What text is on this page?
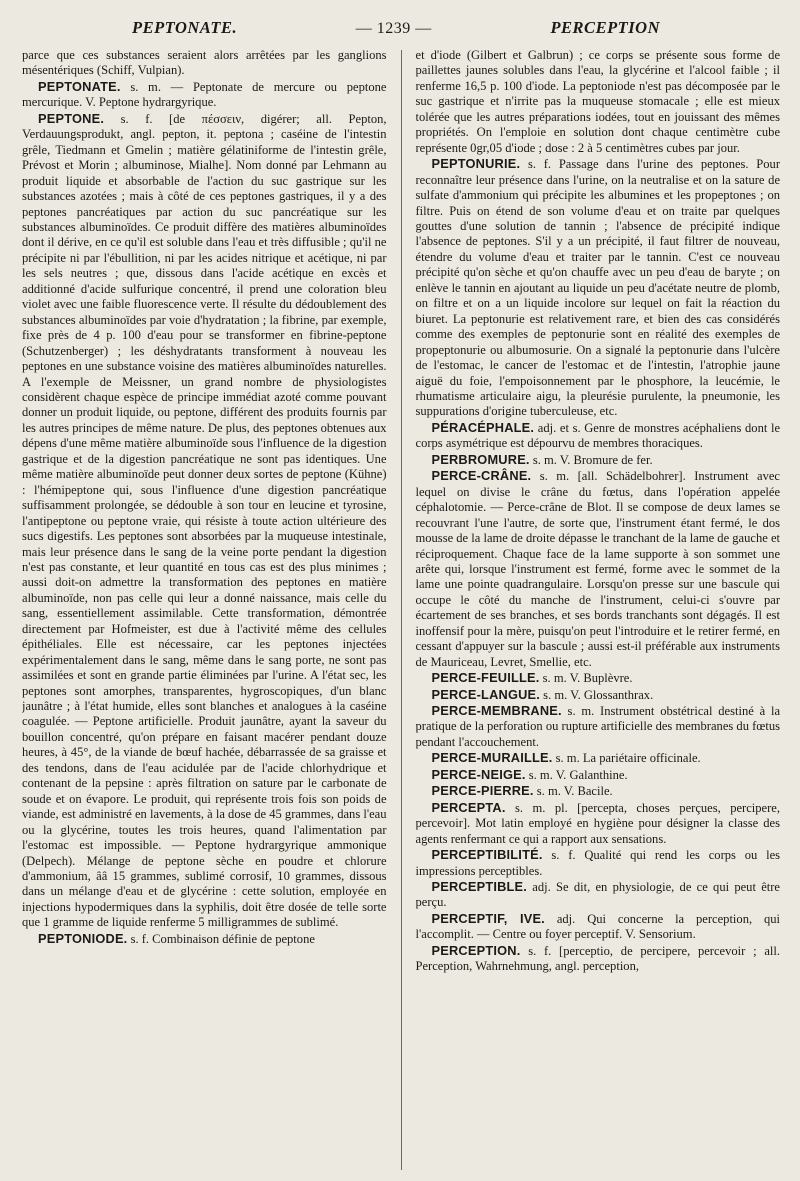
PEPTONATE.	— 1239 —	PERCEPTION

parce que ces substances seraient alors arrêtées par les ganglions mésentériques (Schiff, Vulpian).

PEPTONATE. s. m. — Peptonate de mercure ou peptone mercurique. V. Peptone hydrargyrique.

PEPTONE. s. f. [de πέσσειν, digérer; all. Pepton, Verdauungsprodukt, angl. pepton, it. peptona ; caséine de l'intestin grêle, Tiedmann et Gmelin ; matière gélatiniforme de l'intestin grêle, Prévost et Morin ; albuminose, Mialhe]. Nom donné par Lehmann au produit liquide et absorbable de l'action du suc gastrique sur les substances azotées ; mais à côté de ces peptones gastriques, il y a des peptones pancréatiques par action du suc pancréatique sur les substances albuminoïdes. Ce produit diffère des matières albuminoïdes dont il dérive, en ce qu'il est soluble dans l'eau et très diffusible ; qu'il ne précipite ni par l'ébullition, ni par les acides nitrique et acétique, ni par les sels neutres ; que, dissous dans l'acide acétique en excès et additionné d'acide sulfurique concentré, il prend une coloration bleu violet avec une faible fluorescence verte. Il résulte du dédoublement des substances albuminoïdes par voie d'hydratation ; la fibrine, par exemple, fixe près de 4 p. 100 d'eau pour se transformer en fibrine-peptone (Schutzenberger) ; les déshydratants transforment à nouveau les peptones en une substance voisine des matières albuminoïdes naturelles. A l'exemple de Meissner, un grand nombre de physiologistes considèrent chaque espèce de principe immédiat azoté comme pouvant donner un produit liquide, ou peptone, différent des produits fournis par les autres principes de même nature. De plus, des peptones obtenues aux dépens d'une même matière albuminoïde sous l'influence de la digestion gastrique et de la digestion pancréatique ne sont pas identiques. Une même matière albuminoïde peut donner deux sortes de peptone (Kühne) : l'hémipeptone qui, sous l'influence d'une digestion pancréatique suffisamment prolongée, se dédouble à son tour en leucine et tyrosine, l'antipeptone ou peptone vraie, qui résiste à toute action ultérieure des sucs digestifs. Les peptones sont absorbées par la muqueuse intestinale, mais leur présence dans le sang de la veine porte pendant la digestion n'est pas constante, et leur quantité en tous cas est des plus minimes ; aussi doit-on admettre la transformation des peptones en matière albuminoïde, non pas celle qui leur a donné naissance, mais celle du sang, essentiellement assimilable. Cette transformation, démontrée directement par Hofmeister, est due à l'activité même des cellules épithéliales. Elle est nécessaire, car les peptones injectées expérimentalement dans le sang, même dans le sang porte, ne sont pas assimilées et sont en grande partie éliminées par l'urine. A l'état sec, les peptones sont amorphes, transparentes, hygroscopiques, d'un blanc jaunâtre ; à l'état humide, elles sont blanches et analogues à la caséine coagulée. — Peptone artificielle. Produit jaunâtre, ayant la saveur du bouillon concentré, qu'on prépare en faisant macérer pendant douze heures, à 45°, de la viande de bœuf hachée, débarrassée de sa graisse et des tendons, dans de l'eau acidulée par de l'acide chlorhydrique et contenant de la pepsine : après filtration on sature par le carbonate de soude et on évapore. Le produit, qui représente trois fois son poids de viande, est administré en lavements, à la dose de 45 grammes, dans l'eau ou la glycérine, toutes les trois heures, quand l'alimentation par l'estomac est impossible. — Peptone hydrargyrique ammonique (Delpech). Mélange de peptone sèche en poudre et chlorure d'ammonium, ââ 15 grammes, sublimé corrosif, 10 grammes, dissous dans un mélange d'eau et de glycérine : cette solution, employée en injections hypodermiques dans la syphilis, doit être dosée de telle sorte que 1 gramme de liquide renferme 5 milligrammes de sublimé.

PEPTONIODE. s. f. Combinaison définie de peptone

et d'iode (Gilbert et Galbrun) ; ce corps se présente sous forme de paillettes jaunes solubles dans l'eau, la glycérine et l'alcool faible ; il renferme 16,5 p. 100 d'iode. La peptoniode n'est pas décomposée par le suc gastrique et n'irrite pas la muqueuse stomacale ; elle est mieux tolérée que les autres préparations iodées, tout en jouissant des mêmes propriétés. On l'emploie en solution dont chaque centimètre cube représente 0gr,05 d'iode ; dose : 2 à 5 centimètres cubes par jour.

PEPTONURIE. s. f. Passage dans l'urine des peptones. Pour reconnaître leur présence dans l'urine, on la neutralise et on la sature de sulfate d'ammonium qui précipite les albumines et les propeptones ; on filtre. Puis on étend de son volume d'eau et on traite par quelques gouttes d'une solution de tannin ; l'absence de précipité indique l'absence de peptones. S'il y a un précipité, il faut filtrer de nouveau, étendre du volume d'eau et traiter par le tannin. C'est ce nouveau précipité qu'on sèche et qu'on chauffe avec un peu d'eau de baryte ; on enlève le tannin en ajoutant au liquide un peu d'acétate neutre de plomb, on filtre et on a un liquide incolore sur lequel on fait la réaction du biuret. La peptonurie est relativement rare, et bien des cas considérés comme des exemples de peptonurie sont en réalité des exemples de propeptonurie ou albumosurie. On a signalé la peptonurie dans l'ulcère de l'estomac, le cancer de l'estomac et de l'intestin, l'atrophie jaune aiguë du foie, l'empoisonnement par le phosphore, la leucémie, le rhumatisme articulaire aigu, la pleurésie purulente, la pneumonie, les suppurations d'origine tuberculeuse, etc.

PÉRACÉPHALE. adj. et s. Genre de monstres acéphaliens dont le corps asymétrique est dépourvu de membres thoraciques.

PERBROMURE. s. m. V. Bromure de fer.

PERCE-CRÂNE. s. m. [all. Schädelbohrer]. Instrument avec lequel on divise le crâne du fœtus, dans l'opération appelée céphalotomie. — Perce-crâne de Blot. Il se compose de deux lames se recouvrant l'une l'autre, de sorte que, l'instrument étant fermé, le dos mousse de la lame de droite dépasse le tranchant de la lame de gauche et réciproquement. Chaque face de la lame supporte à son sommet une arête qui, lorsque l'instrument est fermé, forme avec le sommet de la lame une pointe quadrangulaire. Lorsqu'on presse sur une bascule qui occupe le côté du manche de l'instrument, celui-ci s'ouvre par écartement de ses branches, et ses bords tranchants sont dégagés. Il est inoffensif pour la mère, puisqu'on peut l'introduire et le retirer fermé, en cessant d'appuyer sur la bascule ; aussi est-il préférable aux instruments de Mauriceau, Levret, Smellie, etc.

PERCE-FEUILLE. s. m. V. Buplèvre.

PERCE-LANGUE. s. m. V. Glossanthrax.

PERCE-MEMBRANE. s. m. Instrument obstétrical destiné à la pratique de la perforation ou rupture artificielle des membranes du fœtus pendant l'accouchement.

PERCE-MURAILLE. s. m. La pariétaire officinale.

PERCE-NEIGE. s. m. V. Galanthine.

PERCE-PIERRE. s. m. V. Bacile.

PERCEPTA. s. m. pl. [percepta, choses perçues, percipere, percevoir]. Mot latin employé en hygiène pour désigner la classe des agents renfermant ce qui a rapport aux sensations.

PERCEPTIBILITÉ. s. f. Qualité qui rend les corps ou les impressions perceptibles.

PERCEPTIBLE. adj. Se dit, en physiologie, de ce qui peut être perçu.

PERCEPTIF, IVE. adj. Qui concerne la perception, qui l'accomplit. — Centre ou foyer perceptif. V. Sensorium.

PERCEPTION. s. f. [perceptio, de percipere, percevoir ; all. Perception, Wahrnehmung, angl. perception,
